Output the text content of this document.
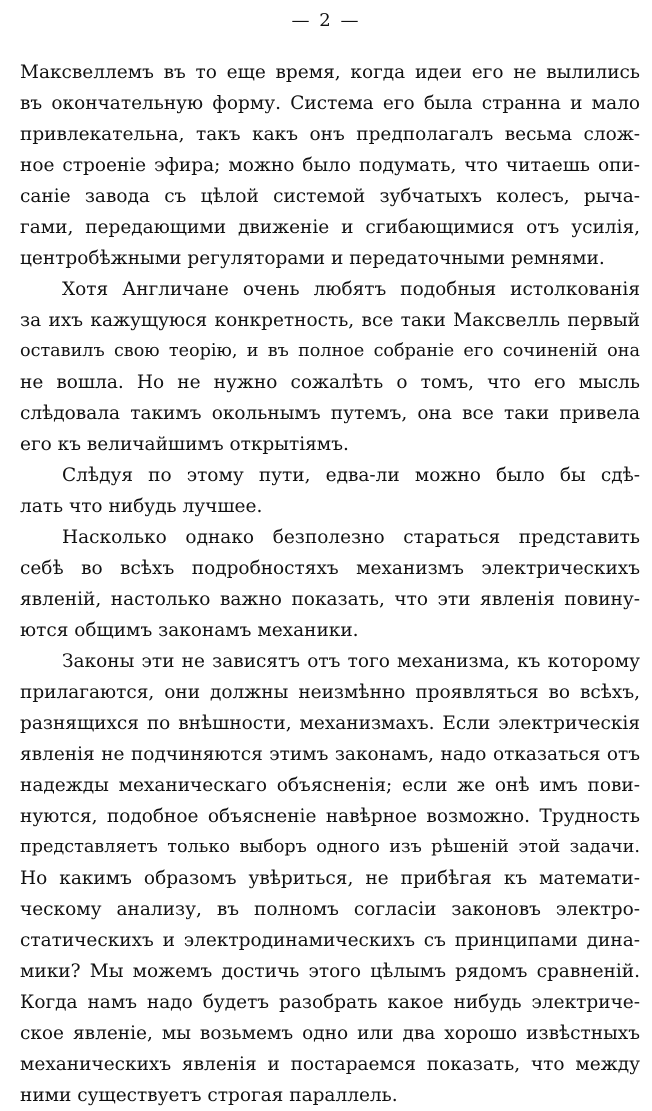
— 2 —
Максвеллемъ въ то еще время, когда идеи его не вылились
въ окончательную форму. Система его была странна и мало
привлекательна, такъ какъ онъ предполагалъ весьма слож-
ное строеніе эфира; можно было подумать, что читаешь опи-
саніе завода съ цѣлой системой зубчатыхъ колесъ, рыча-
гами, передающими движеніе и сгибающимися отъ усилія,
центробѣжными регуляторами и передаточными ремнями.
Хотя Англичане очень любятъ подобныя истолкованія
за ихъ кажущуюся конкретность, все таки Максвелль первый
оставилъ свою теорію, и въ полное собраніе его сочиненій она
не вошла. Но не нужно сожалѣть о томъ, что его мысль
слѣдовала такимъ окольнымъ путемъ, она все таки привела
его къ величайшимъ открытіямъ.
Слѣдуя по этому пути, едва-ли можно было бы сдѣ-
лать что нибудь лучшее.
Насколько однако безполезно стараться представить
себѣ во всѣхъ подробностяхъ механизмъ электрическихъ
явленій, настолько важно показать, что эти явленія повину-
ются общимъ законамъ механики.
Законы эти не зависятъ отъ того механизма, къ которому
прилагаются, они должны неизмѣнно проявляться во всѣхъ,
разнящихся по внѣшности, механизмахъ. Если электрическія
явленія не подчиняются этимъ законамъ, надо отказаться отъ
надежды механическаго объясненія; если же онѣ имъ пови-
нуются, подобное объясненіе навѣрное возможно. Трудность
представляетъ только выборъ одного изъ рѣшеній этой задачи.
Но какимъ образомъ увѣриться, не прибѣгая къ математи-
ческому анализу, въ полномъ согласіи законовъ электро-
статическихъ и электродинамическихъ съ принципами дина-
мики? Мы можемъ достичь этого цѣлымъ рядомъ сравненій.
Когда намъ надо будетъ разобрать какое нибудь электриче-
ское явленіе, мы возьмемъ одно или два хорошо извѣстныхъ
механическихъ явленія и постараемся показать, что между
ними существуетъ строгая параллель.
